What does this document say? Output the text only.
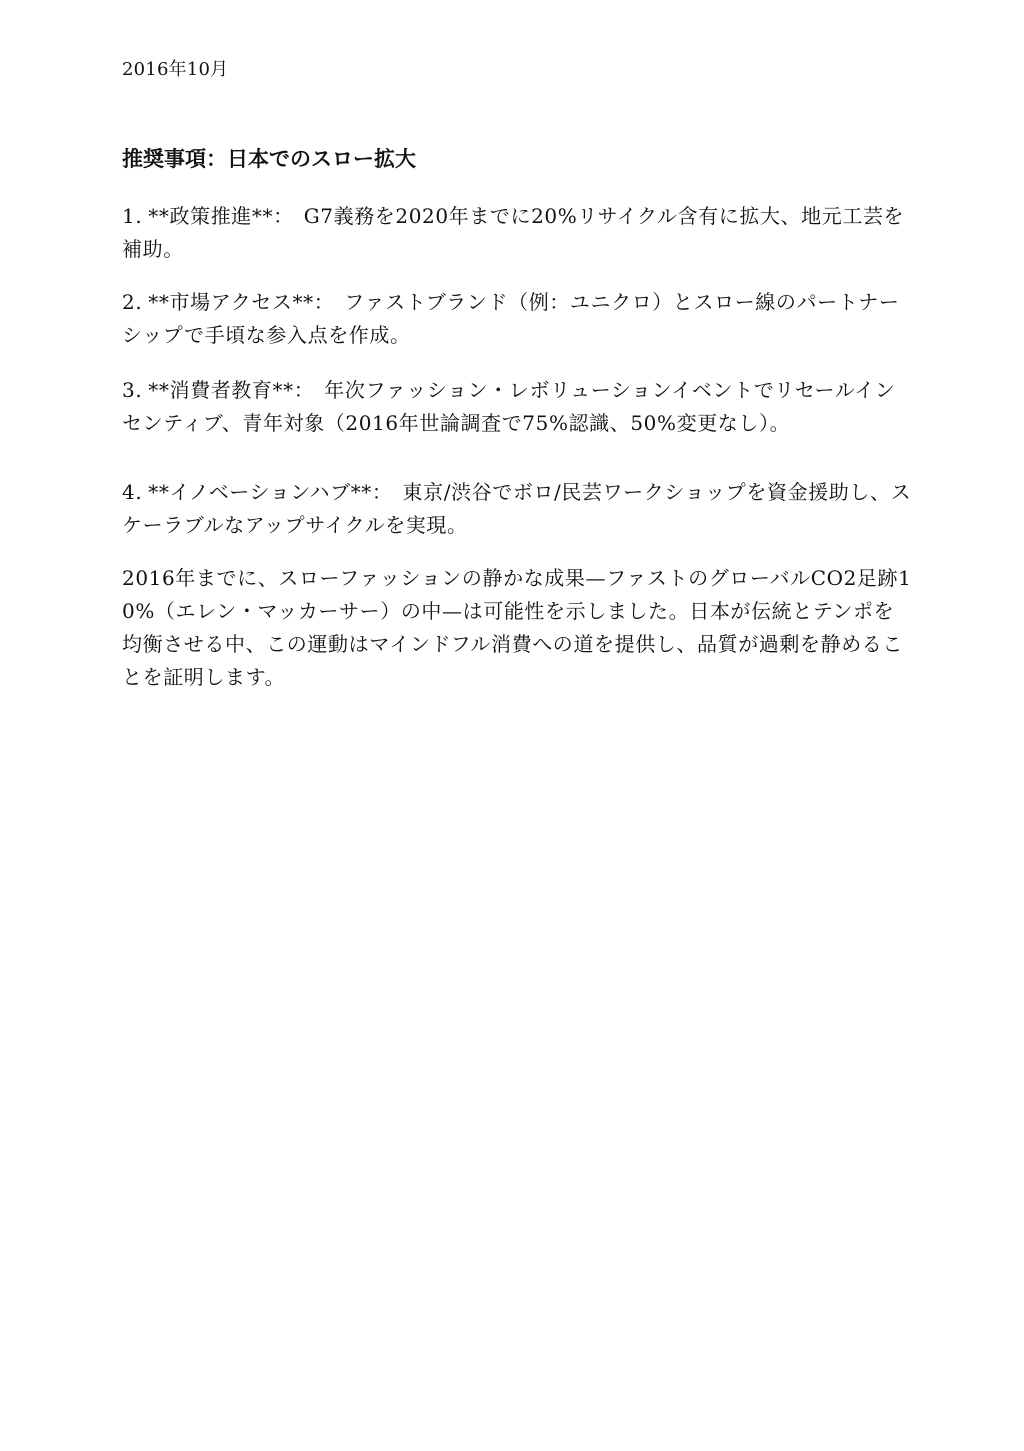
2016年10月
推奨事項：日本でのスロー拡大
1. **政策推進**： G7義務を2020年までに20%リサイクル含有に拡大、地元工芸を補助。
2. **市場アクセス**： ファストブランド（例：ユニクロ）とスロー線のパートナーシップで手頃な参入点を作成。
3. **消費者教育**： 年次ファッション・レボリューションイベントでリセールインセンティブ、青年対象（2016年世論調査で75%認識、50%変更なし）。
4. **イノベーションハブ**： 東京/渋谷でボロ/民芸ワークショップを資金援助し、スケーラブルなアップサイクルを実現。
2016年までに、スローファッションの静かな成果—ファストのグローバルCO2足跡10%（エレン・マッカーサー）の中—は可能性を示しました。日本が伝統とテンポを均衡させる中、この運動はマインドフル消費への道を提供し、品質が過剰を静めることを証明します。
